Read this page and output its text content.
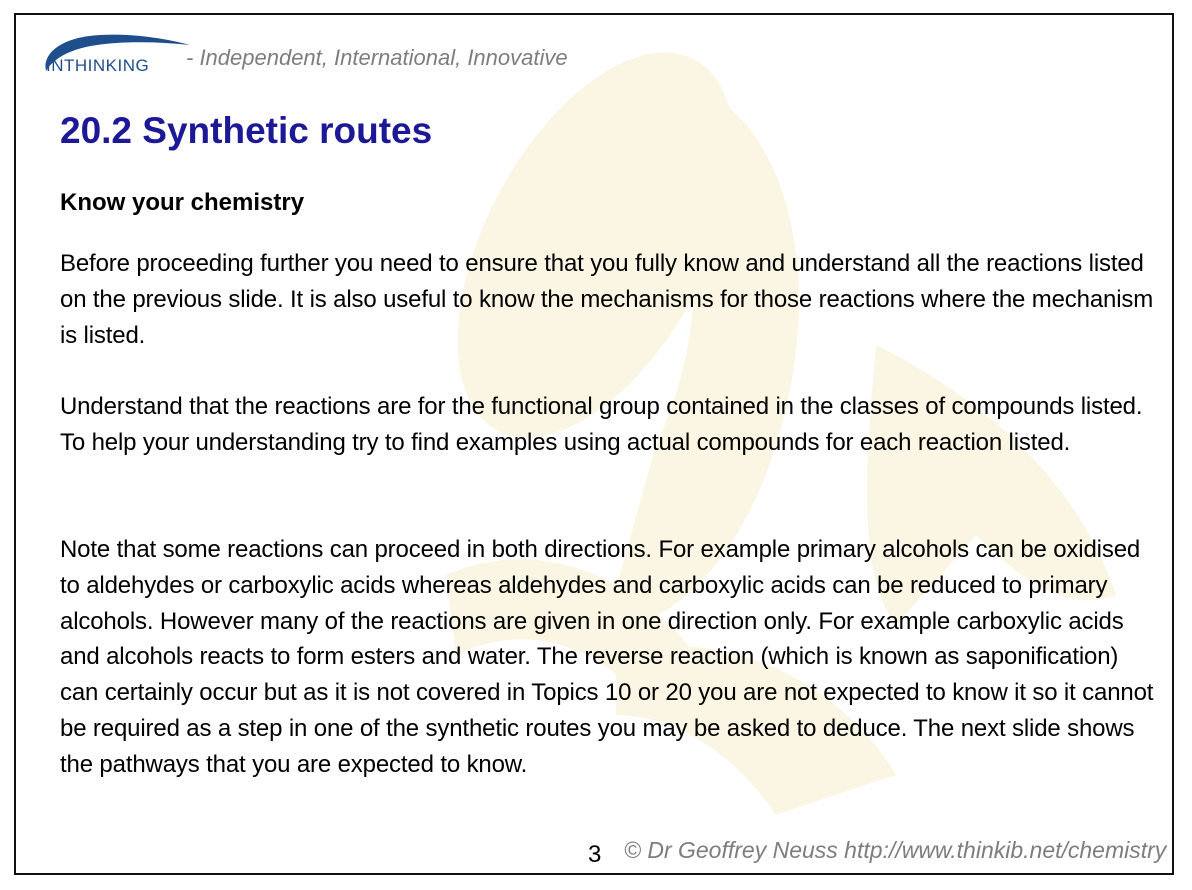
INTHINKING - Independent, International, Innovative
20.2 Synthetic routes
Know your chemistry

Before proceeding further you need to ensure that you fully know and understand all the reactions listed on the previous slide. It is also useful to know the mechanisms for those reactions where the mechanism is listed.

Understand that the reactions are for the functional group contained in the classes of compounds listed. To help your understanding try to find examples using actual compounds for each reaction listed.

Note that some reactions can proceed in both directions. For example primary alcohols can be oxidised to aldehydes or carboxylic acids whereas aldehydes and carboxylic acids can be reduced to primary alcohols. However many of the reactions are given in one direction only. For example carboxylic acids and alcohols reacts to form esters and water. The reverse reaction (which is known as saponification) can certainly occur but as it is not covered in Topics 10 or 20 you are not expected to know it so it cannot be required as a step in one of the synthetic routes you may be asked to deduce. The next slide shows the pathways that you are expected to know.

3 © Dr Geoffrey Neuss http://www.thinkib.net/chemistry
